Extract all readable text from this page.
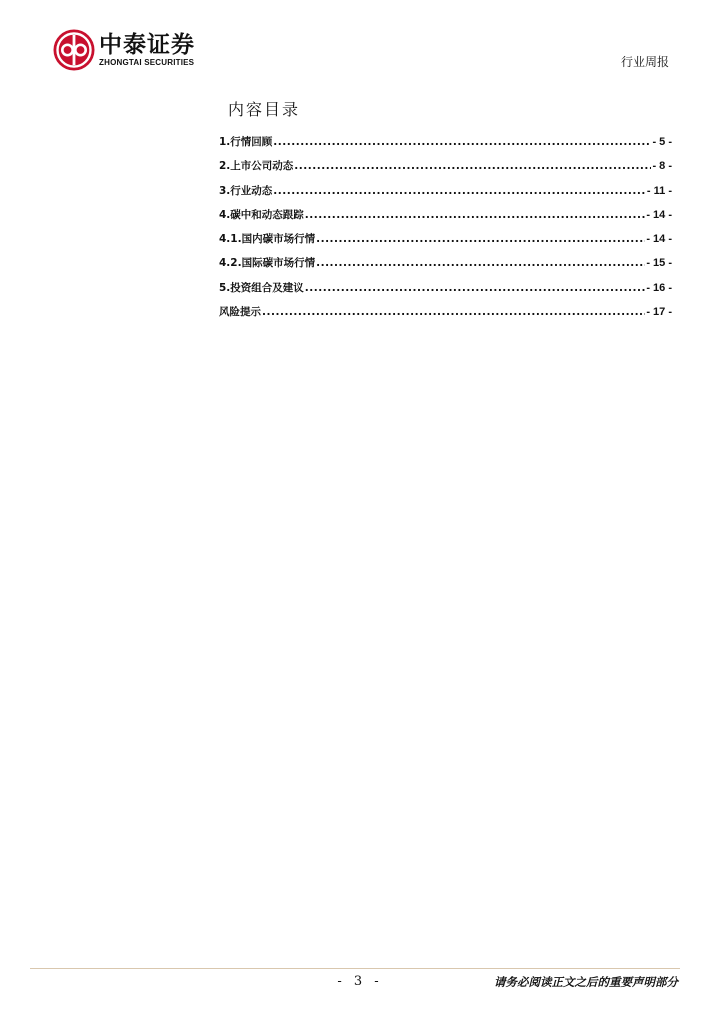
中泰证券
ZHONGTAI SECURITIES	行业周报
内容目录
1.行情回顾 .....	- 5 -
2.上市公司动态 .....	- 8 -
3.行业动态 .....	- 11 -
4.碳中和动态跟踪 .....	- 14 -
4.1.国内碳市场行情 .....	- 14 -
4.2.国际碳市场行情 .....	- 15 -
5.投资组合及建议 .....	- 16 -
风险提示 .....	- 17 -
- 3 -	请务必阅读正文之后的重要声明部分
